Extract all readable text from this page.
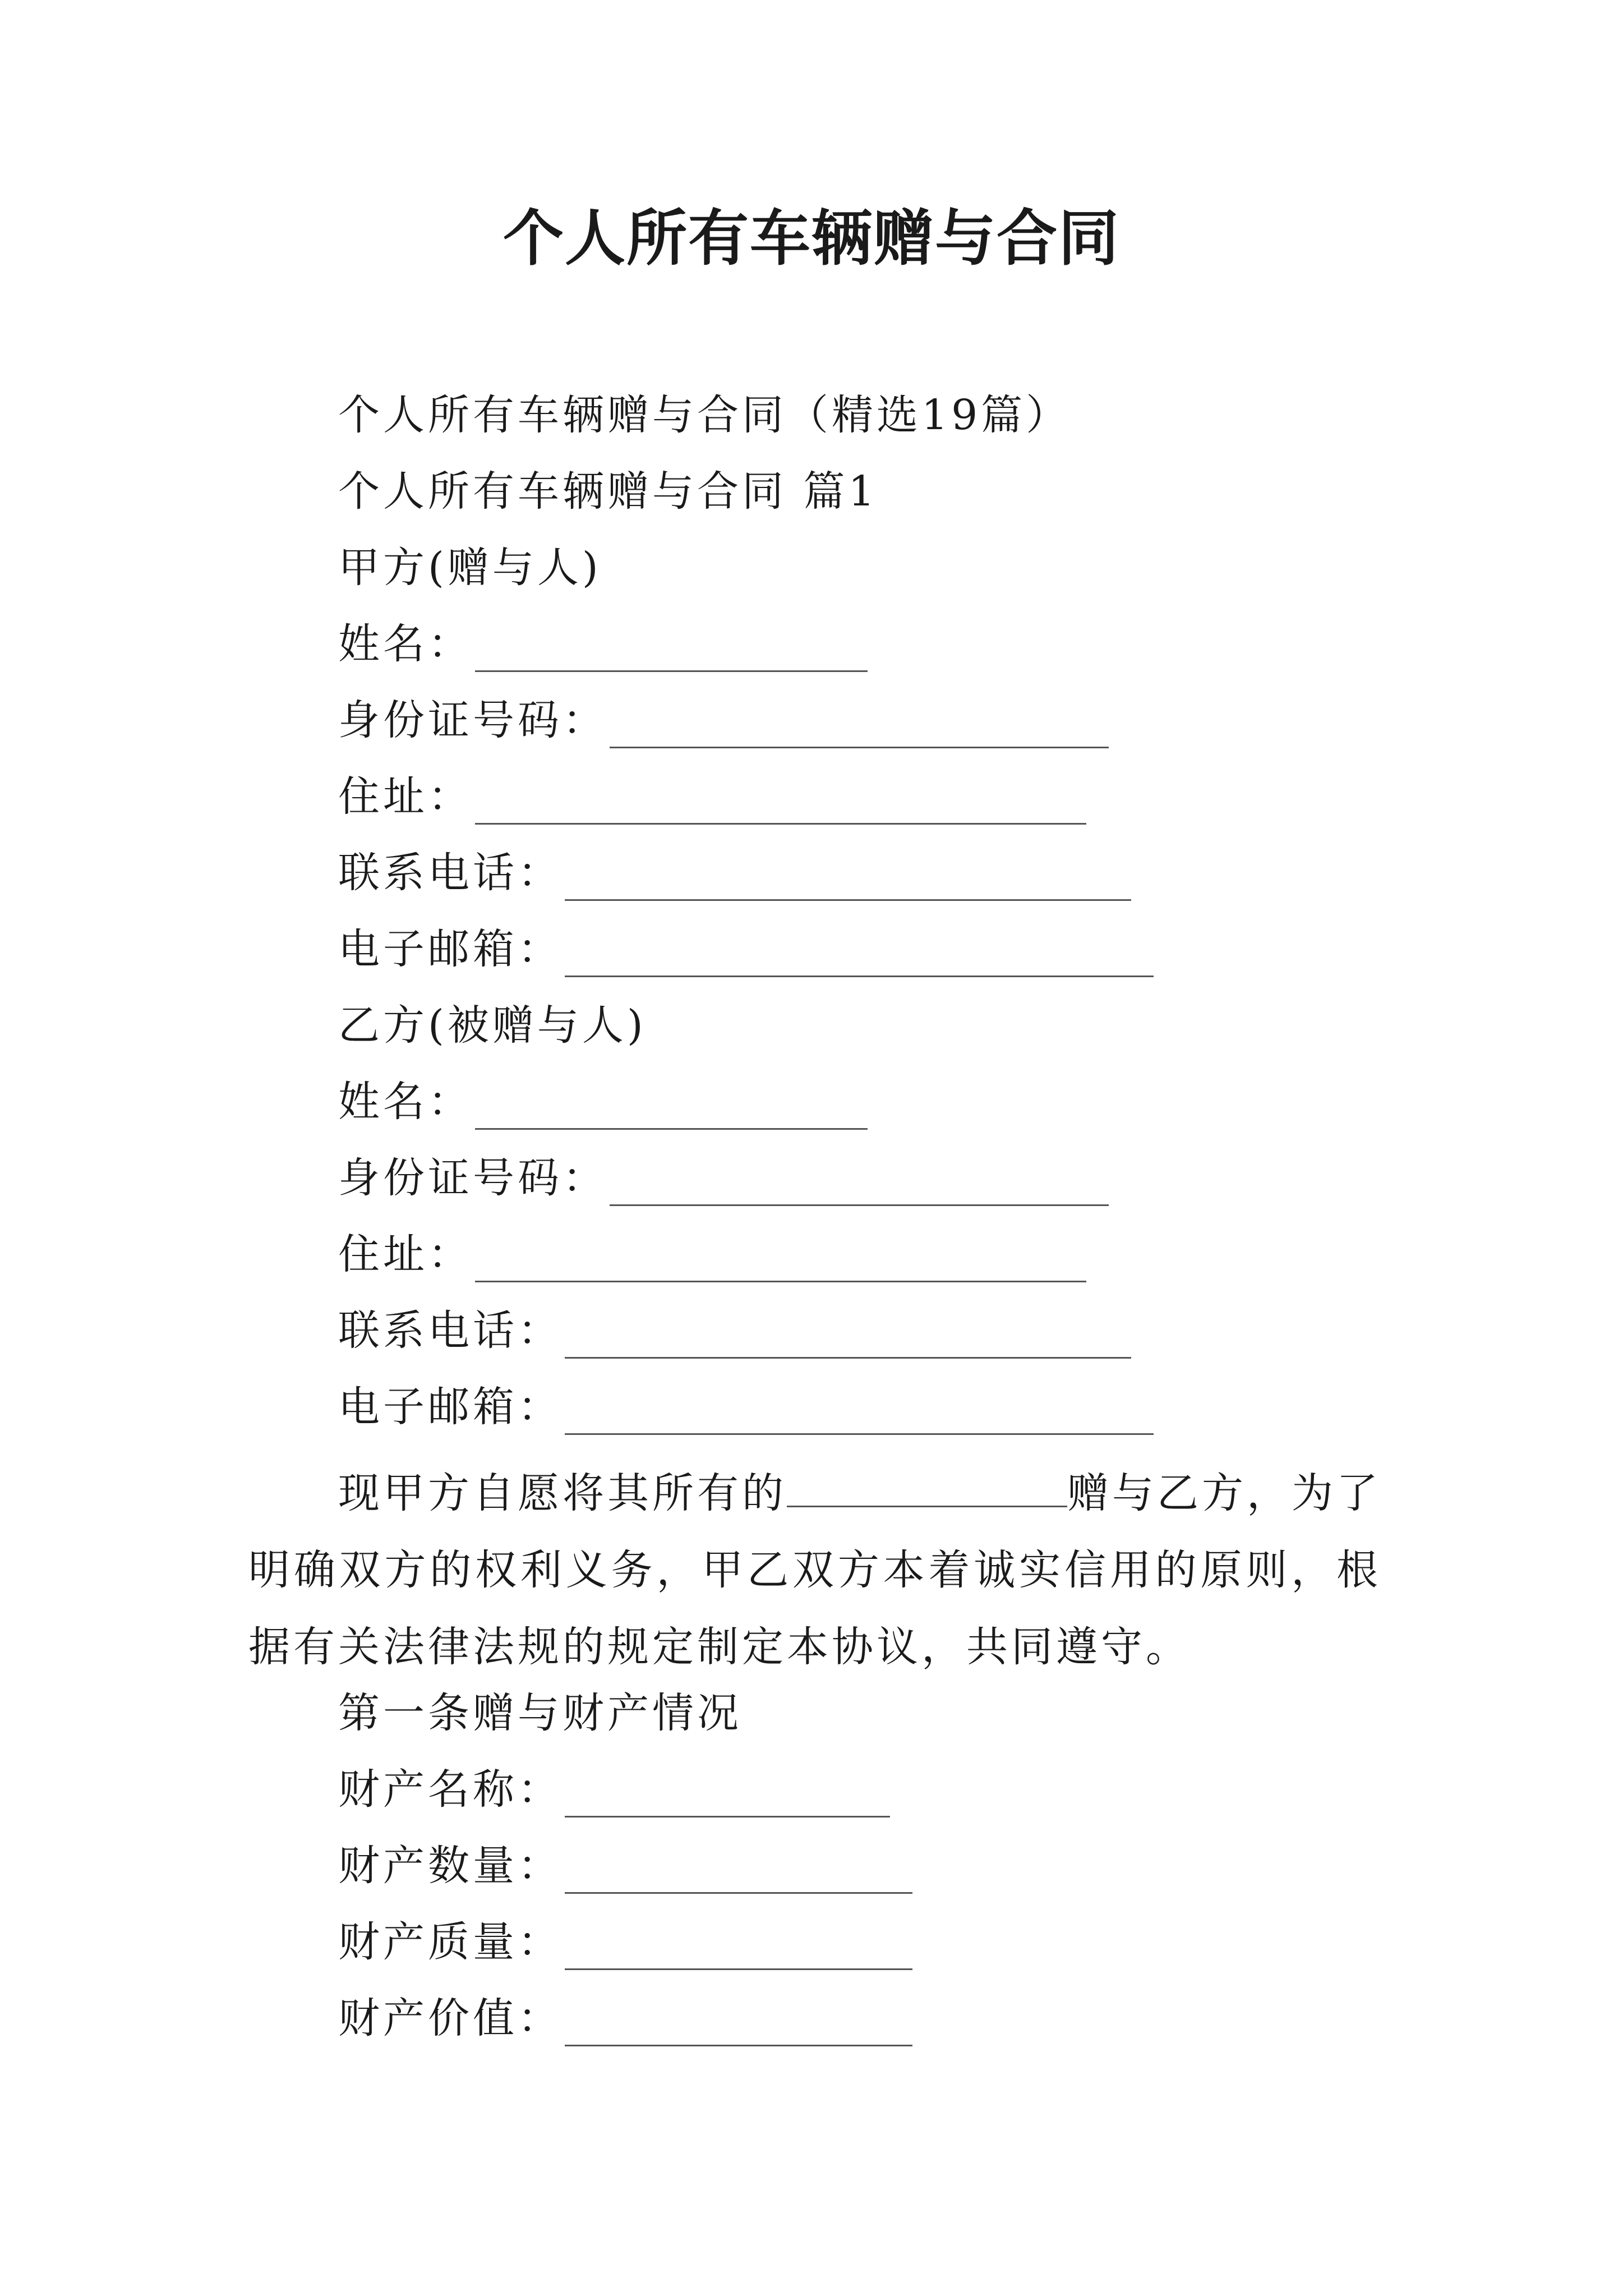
个人所有车辆赠与合同
个人所有车辆赠与合同（精选19篇）
个人所有车辆赠与合同 篇1
甲方(赠与人)
姓名：
身份证号码：
住址：
联系电话：
电子邮箱：
乙方(被赠与人)
姓名：
身份证号码：
住址：
联系电话：
电子邮箱：

现甲方自愿将其所有的	赠与乙方，为了明确双方的权利义务，甲乙双方本着诚实信用的原则，根据有关法律法规的规定制定本协议，共同遵守。

第一条赠与财产情况
财产名称：
财产数量：
财产质量：
财产价值：
